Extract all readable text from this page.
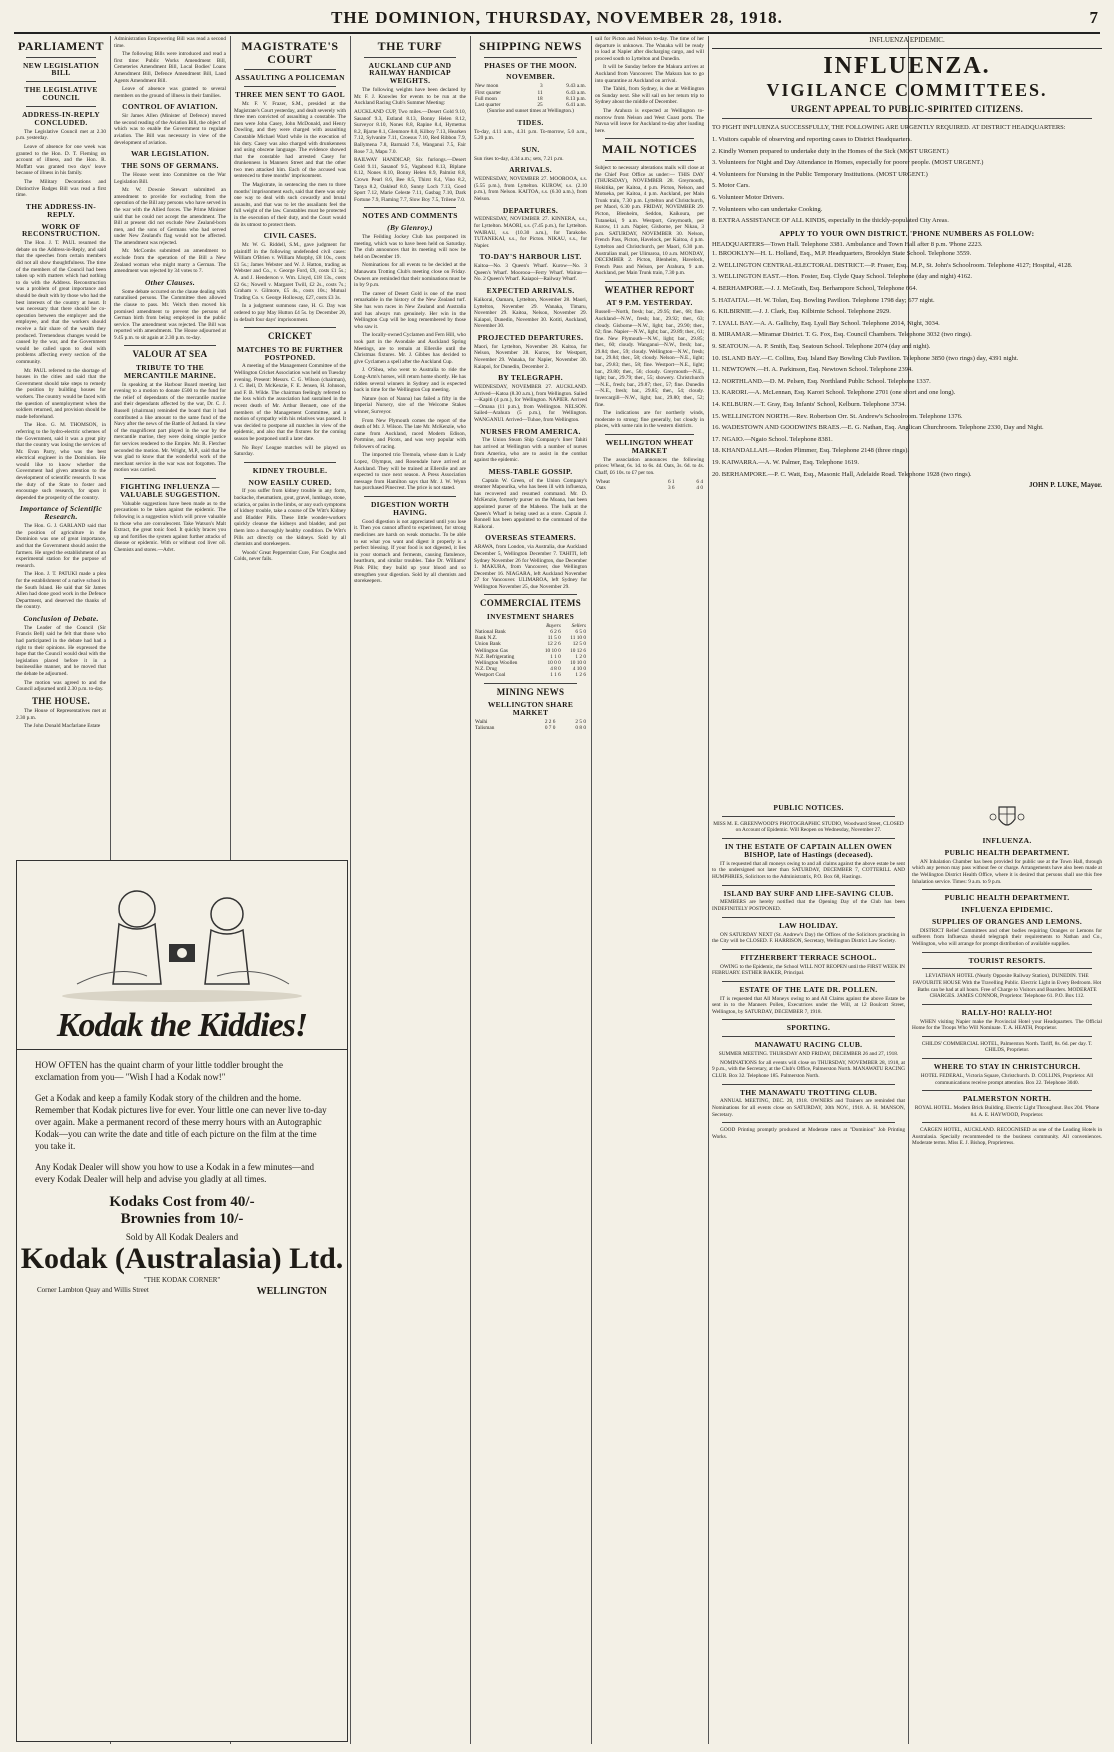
THE DOMINION, THURSDAY, NOVEMBER 28, 1918.	7
PARLIAMENT
NEW LEGISLATION BILL
THE LEGISLATIVE COUNCIL
ADDRESS-IN-REPLY CONCLUDED.

The Legislative Council met at 2.30 p.m. yesterday.

Leave of absence for one week was granted to the Hon. D. T. Fleming on account of illness, and the Hon. R. Moffatt was granted two days' leave because of illness in his family.

The Military Decorations and Distinctive Badges Bill was read a first time.

THE ADDRESS-IN-REPLY.
WORK OF RECONSTRUCTION.

The Hon. J. T. PAUL resumed the debate on the Address-in-Reply, and said that the speeches from certain members did not all show thoughtfulness. The time of the members of the Council had been taken up with matters which had nothing to do with the Address. Reconstruction was a problem of great importance and should be dealt with by those who had the best interests of the country at heart. It was necessary that there should be co-operation between the employer and the employee, and that the workers should receive a fair share of the wealth they produced. Tremendous changes would be caused by the war, and the Government would be called upon to deal with problems affecting every section of the community.

Mr. PAUL referred to the shortage of houses in the cities and said that the Government should take steps to remedy the position by building houses for workers. The country would be faced with the question of unemployment when the soldiers returned, and provision should be made beforehand.

The Hon. G. M. THOMSON, in referring to the hydro-electric schemes of the Government, said it was a great pity that the country was losing the services of Mr. Evan Parry, who was the best electrical engineer in the Dominion. He would like to know whether the Government had given attention to the development of scientific research. It was the duty of the State to foster and encourage such research, for upon it depended the prosperity of the country.

Importance of Scientific Research.

The Hon. G. J. GARLAND said that the position of agriculture in the Dominion was one of great importance, and that the Government should assist the farmers. He urged the establishment of an experimental station for the purpose of research.

The Hon. J. T. PATUKI made a plea for the establishment of a native school in the South Island. He said that Sir James Allen had done good work in the Defence Department, and deserved the thanks of the country.

Conclusion of Debate.

The Leader of the Council (Sir Francis Bell) said he felt that those who had participated in the debate had had a right to their opinions. He expressed the hope that the Council would deal with the legislation placed before it in a businesslike manner, and he moved that the debate be adjourned.

The motion was agreed to and the Council adjourned until 2.30 p.m. to-day.

THE HOUSE.

The House of Representatives met at 2.30 p.m.

The John Donald Macfarlane Estate

Administration Empowering Bill was read a second time.

The following Bills were introduced and read a first time: Public Works Amendment Bill, Cemeteries Amendment Bill, Local Bodies' Loans Amendment Bill, Defence Amendment Bill, Land Agents Amendment Bill.

Leave of absence was granted to several members on the ground of illness in their families.

CONTROL OF AVIATION.

Sir James Allen (Minister of Defence) moved the second reading of the Aviation Bill, the object of which was to enable the Government to regulate aviation. The Bill was necessary in view of the development of aviation.

WAR LEGISLATION.
THE SONS OF GERMANS.

The House went into Committee on the War Legislation Bill.

Mr. W. Downie Stewart submitted an amendment to provide for excluding from the operation of the Bill any persons who have served in the war with the Allied forces. The Prime Minister said that he could not accept the amendment. The Bill at present did not exclude New Zealand-born men, and the sons of Germans who had served under New Zealand's flag would not be affected. The amendment was rejected.

Mr. McCombs submitted an amendment to exclude from the operation of the Bill a New Zealand woman who might marry a German. The amendment was rejected by 34 votes to 7.

Other Clauses.

Some debate occurred on the clause dealing with naturalised persons. The Committee then allowed the clause to pass. Mr. Veitch then moved his promised amendment to prevent the persons of German birth from being employed in the public service. The amendment was rejected. The Bill was reported with amendments. The House adjourned at 9.45 p.m. to sit again at 2.30 p.m. to-day.

VALOUR AT SEA
TRIBUTE TO THE MERCANTILE MARINE.

In speaking at the Harbour Board meeting last evening to a motion to donate £500 to the fund for the relief of dependants of the mercantile marine and their dependants affected by the war, Dr. C. J. Russell (chairman) reminded the board that it had contributed a like amount to the same fund of the Navy after the news of the Battle of Jutland. In view of the magnificent part played in the war by the mercantile marine, they were doing simple justice for services rendered to the Empire. Mr. R. Fletcher seconded the motion. Mr. Wright, M.P., said that he was glad to know that the wonderful work of the merchant service in the war was not forgotten. The motion was carried.

FIGHTING INFLUENZA — VALUABLE SUGGESTION.

Valuable suggestions have been made as to the precautions to be taken against the epidemic. The following is a suggestion which will prove valuable to those who are convalescent. Take Watson's Malt Extract, the great tonic food. It quickly braces you up and fortifies the system against further attacks of disease or epidemic. With or without cod liver oil. Chemists and stores.—Advt.

Kodak the Kiddies!

HOW OFTEN has the quaint charm of your little toddler brought the exclamation from you— "Wish I had a Kodak now!"

Get a Kodak and keep a family Kodak story of the children and the home. Remember that Kodak pictures live for ever. Your little one can never live to-day over again. Make a permanent record of these merry hours with an Autographic Kodak—you can write the date and title of each picture on the film at the time you take it.

Any Kodak Dealer will show you how to use a Kodak in a few minutes—and every Kodak Dealer will help and advise you gladly at all times.

Kodaks Cost from 40/-
Brownies from 10/-
Sold by All Kodak Dealers and
Kodak (Australasia) Ltd.
"THE KODAK CORNER"
Corner Lambton Quay and Willis Street	WELLINGTON
MAGISTRATE'S COURT
ASSAULTING A POLICEMAN
THREE MEN SENT TO GAOL

Mr. F. V. Frazer, S.M., presided at the Magistrate's Court yesterday, and dealt severely with three men convicted of assaulting a constable. The men were John Casey, John McDonald, and Henry Dowling, and they were charged with assaulting Constable Michael Ward while in the execution of his duty. Casey was also charged with drunkenness and using obscene language. The evidence showed that the constable had arrested Casey for drunkenness in Manners Street and that the other two men attacked him. Each of the accused was sentenced to three months' imprisonment.

The Magistrate, in sentencing the men to three months' imprisonment each, said that there was only one way to deal with such cowardly and brutal assaults, and that was to let the assailants feel the full weight of the law. Constables must be protected in the execution of their duty, and the Court would do its utmost to protect them.

CIVIL CASES.

Mr. W. G. Riddell, S.M., gave judgment for plaintiff in the following undefended civil cases: William O'Brien v. William Murphy, £8 10s., costs £1 5s.; James Webster and W. J. Hatton, trading as Webster and Co., v. George Ford, £9, costs £1 5s.; A. and J. Henderson v. Wm. Lloyd, £18 13s., costs £2 6s.; Nowell v. Margaret Twill, £2 2s., costs 7s.; Graham v. Gilmore, £5 4s., costs 10s.; Mutual Trading Co. v. George Holloway, £27, costs £3 3s.

In a judgment summons case, H. G. Day was ordered to pay May Hutton £4 5s. by December 20, in default four days' imprisonment.

CRICKET
MATCHES TO BE FURTHER POSTPONED.

A meeting of the Management Committee of the Wellington Cricket Association was held on Tuesday evening. Present: Messrs. C. G. Wilson (chairman), J. C. Bell, D. McKenzie, F. E. Jensen, H. Johnson, and F. B. Wilde. The chairman feelingly referred to the loss which the association had sustained in the recent death of Mr. Arthur Bennett, one of the members of the Management Committee, and a motion of sympathy with his relatives was passed. It was decided to postpone all matches in view of the epidemic, and also that the fixtures for the coming season be postponed until a later date.

No Boys' League matches will be played on Saturday.

KIDNEY TROUBLE.
NOW EASILY CURED.

If you suffer from kidney trouble in any form, backache, rheumatism, gout, gravel, lumbago, stone, sciatica, or pains in the limbs, or any such symptoms of kidney trouble, take a course of De Witt's Kidney and Bladder Pills. These little wonder-workers quickly cleanse the kidneys and bladder, and put them into a thoroughly healthy condition. De Witt's Pills act directly on the kidneys. Sold by all chemists and storekeepers.

Woods' Great Peppermint Cure, For Coughs and Colds, never fails.

THE TURF
AUCKLAND CUP AND RAILWAY HANDICAP WEIGHTS.

The following weights have been declared by Mr. F. J. Knowles for events to be run at the Auckland Racing Club's Summer Meeting:

AUCKLAND CUP, Two miles.—Desert Gold 9.10, Sasanof 9.3, Estland 8.13, Bonny Helen 8.12, Surveyor 8.10, Nones 8.8, Rapine 8.4, Hymettus 8.2, Bjarne 8.1, Glenmore 8.0, Kilboy 7.13, Hearken 7.12, Sylvanite 7.11, Croesus 7.10, Red Ribbon 7.9, Ballymena 7.8, Barmaid 7.6, Wanganui 7.5, Fair Rose 7.3, Mapu 7.0.

RAILWAY HANDICAP, Six furlongs.—Desert Gold 9.11, Sasanof 9.5, Vagabond 8.13, Biplane 8.12, Nones 8.10, Bonny Helen 8.9, Palmist 8.8, Crown Pearl 8.6, Bee 8.5, Thirst 8.4, Vino 8.2, Tanya 8.2, Oakleaf 8.0, Sunny Loch 7.13, Good Sport 7.12, Marie Celeste 7.11, Gasbag 7.10, Dark Fortune 7.9, Flaming 7.7, Slow Boy 7.5, Trilene 7.0.

NOTES AND COMMENTS
(By Glenroy.)

The Feilding Jockey Club has postponed its meeting, which was to have been held on Saturday. The club announces that its meeting will now be held on December 19.

Nominations for all events to be decided at the Manawatu Trotting Club's meeting close on Friday. Owners are reminded that their nominations must be in by 9 p.m.

The career of Desert Gold is one of the most remarkable in the history of the New Zealand turf. She has won races in New Zealand and Australia and has always run genuinely. Her win in the Wellington Cup will be long remembered by those who saw it.

The locally-owned Cyclamen and Fern Hill, who took part in the Avondale and Auckland Spring Meetings, are to remain at Ellerslie until the Christmas fixtures. Mr. J. Gibbes has decided to give Cyclamen a spell after the Auckland Cup.

J. O'Shea, who went to Australia to ride the Long-Arm's horses, will return home shortly. He has ridden several winners in Sydney and is expected back in time for the Wellington Cup meeting.

Nature (son of Nanna) has failed a fifty in the Imperial Nursery, sire of the Welcome Stakes winner, Surveyor.

From New Plymouth comes the report of the death of Mr. J. Wilson. The late Mr. McKenzie, who came from Auckland, raced Modern Edison, Portmine, and Picots, and was very popular with followers of racing.

The imported trio Tremola, whose dam is Lady Lopez, Olympus, and Rosendale have arrived at Auckland. They will be trained at Ellerslie and are expected to race next season. A Press Association message from Hamilton says that Mr. J. W. Wynn has purchased Pinecrest. The price is not stated.

DIGESTION WORTH HAVING.

Good digestion is not appreciated until you lose it. Then you cannot afford to experiment, for strong medicines are harsh on weak stomachs. To be able to eat what you want and digest it properly is a perfect blessing. If your food is not digested, it lies in your stomach and ferments, causing flatulence, heartburn, and similar troubles. Take Dr. Williams' Pink Pills; they build up your blood and so strengthen your digestion. Sold by all chemists and storekeepers.

SHIPPING NEWS
PHASES OF THE MOON.
NOVEMBER.
New moon	3	9.43 a.m.
First quarter	11	6.43 a.m.
Full moon	18	8.13 p.m.
Last quarter	25	6.41 a.m.

(Sunrise and sunset times at Wellington.)

TIDES.

To-day, 4.11 a.m., 4.31 p.m. To-morrow, 5.0 a.m., 5.20 p.m.

SUN.

Sun rises to-day, 4.34 a.m.; sets, 7.21 p.m.

ARRIVALS.

WEDNESDAY, NOVEMBER 27. MOOROOA, s.s. (5.55 p.m.), from Lyttelton. KUROW, s.s. (2.10 p.m.), from Nelson. KAITOA, s.s. (6.30 a.m.), from Nelson.

DEPARTURES.

WEDNESDAY, NOVEMBER 27. KINNERA, s.s., for Lyttelton. MAORI, s.s. (7.45 p.m.), for Lyttelton. WAIRAU, s.s. (10.30 a.m.), for Tarakohe. TUTANEKAI, s.s., for Picton. NIKAU, s.s., for Napier.

TO-DAY'S HARBOUR LIST.

Kaitoa—No. 3 Queen's Wharf. Kurow—No. 3 Queen's Wharf. Moorooa—Ferry Wharf. Wairau—No. 2 Queen's Wharf. Kaiapoi—Railway Wharf.

EXPECTED ARRIVALS.

Kaikorai, Oamaru, Lyttelton, November 28. Maori, Lyttelton, November 29. Wanaka, Timaru, November 29. Kaitoa, Nelson, November 29. Kaiapoi, Dunedin, November 30. Kotiti, Auckland, November 30.

PROJECTED DEPARTURES.

Maori, for Lyttelton, November 28. Kaitoa, for Nelson, November 28. Kurow, for Westport, November 29. Wanaka, for Napier, November 30. Kaiapoi, for Dunedin, December 2.

BY TELEGRAPH.

WEDNESDAY, NOVEMBER 27. AUCKLAND. Arrived—Katoa (8.30 a.m.), from Wellington. Sailed—Kapiti (4 p.m.), for Wellington. NAPIER. Arrived—Omana (11 p.m.), from Wellington. NELSON. Sailed—Arahura (5 p.m.), for Wellington. WANGANUI. Arrived—Tuhoe, from Wellington.

NURSES FROM AMERICA.

The Union Steam Ship Company's liner Tahiti has arrived at Wellington with a number of nurses from America, who are to assist in the combat against the epidemic.

MESS-TABLE GOSSIP.

Captain W. Green, of the Union Company's steamer Mapourika, who has been ill with influenza, has recovered and resumed command. Mr. D. McKenzie, formerly purser on the Moana, has been appointed purser of the Maheno. The hulk at the Queen's Wharf is being used as a store. Captain J. Bonnell has been appointed to the command of the Kaikorai.

OVERSEAS STEAMERS.

ARAWA, from London, via Australia, due Auckland December 5, Wellington December 7. TAHITI, left Sydney November 26 for Wellington, due December 1. MAKURA, from Vancouver, due Wellington December 16. NIAGARA, left Auckland November 27 for Vancouver. ULIMAROA, left Sydney for Wellington November 25, due November 29.

COMMERCIAL ITEMS
INVESTMENT SHARES
	Buyers	Sellers
National Bank	6 2 6	6 5 0
Bank N.Z.	11 5 0	11 10 0
Union Bank	12 2 6	12 5 0
Wellington Gas	10 10 0	10 12 6
N.Z. Refrigerating	1 1 0	1 2 0
Wellington Woollen	10 0 0	10 10 0
N.Z. Drug	4 8 0	4 10 0
Westport Coal	1 1 6	1 2 6
MINING NEWS
WELLINGTON SHARE MARKET
Waihi	2 2 6	2 5 0
Talisman	0 7 0	0 8 0

sail for Picton and Nelson to-day. The time of her departure is unknown. The Wanaka will be ready to load at Napier after discharging cargo, and will proceed south to Lyttelton and Dunedin.

It will be Sunday before the Makura arrives at Auckland from Vancouver. The Makura has to go into quarantine at Auckland on arrival.

The Tahiti, from Sydney, is due at Wellington on Sunday next. She will sail on her return trip to Sydney about the middle of December.

The Arahura is expected at Wellington to-morrow from Nelson and West Coast ports. The Navua will leave for Auckland to-day after loading here.

MAIL NOTICES

Subject to necessary alterations mails will close at the Chief Post Office as under:— THIS DAY (THURSDAY), NOVEMBER 28. Greymouth, Hokitika, per Kaitoa, 4 p.m. Picton, Nelson, and Motueka, per Kaitoa, 4 p.m. Auckland, per Main Trunk train, 7.30 p.m. Lyttelton and Christchurch, per Maori, 6.30 p.m. FRIDAY, NOVEMBER 29. Picton, Blenheim, Seddon, Kaikoura, per Tutanekai, 9 a.m. Westport, Greymouth, per Kurow, 11 a.m. Napier, Gisborne, per Nikau, 3 p.m. SATURDAY, NOVEMBER 30. Nelson, French Pass, Picton, Havelock, per Kaitoa, 4 p.m. Lyttelton and Christchurch, per Maori, 6.30 p.m. Australian mail, per Ulimaroa, 10 a.m. MONDAY, DECEMBER 2. Picton, Blenheim, Havelock, French Pass and Nelson, per Arahura, 9 a.m. Auckland, per Main Trunk train, 7.30 p.m.

WEATHER REPORT
AT 9 P.M. YESTERDAY.

Russell—North, fresh; bar., 29.95; ther., 68; fine. Auckland—N.W., fresh; bar., 29.92; ther., 63; cloudy. Gisborne—N.W., light; bar., 29.90; ther., 62; fine. Napier—N.W., light; bar., 29.89; ther., 61; fine. New Plymouth—N.W., light; bar., 29.85; ther., 60; cloudy. Wanganui—N.W., fresh; bar., 29.84; ther., 59; cloudy. Wellington—N.W., fresh; bar., 29.84; ther., 58; cloudy. Nelson—N.E., light; bar., 29.83; ther., 58; fine. Westport—N.E., light; bar., 29.80; ther., 56; cloudy. Greymouth—N.E., light; bar., 29.79; ther., 55; showery. Christchurch—N.E., fresh; bar., 29.87; ther., 57; fine. Dunedin—N.E., fresh; bar., 29.85; ther., 54; cloudy. Invercargill—N.W., light; bar., 29.80; ther., 52; fine.

The indications are for northerly winds, moderate to strong; fine generally, but cloudy in places, with some rain in the western districts.

WELLINGTON WHEAT MARKET

The association announces the following prices: Wheat, 6s. 1d. to 6s. 4d. Oats, 3s. 6d. to 4s. Chaff, £6 10s. to £7 per ton.

Wheat	6 1	6 4
Oats	3 6	4 0
INFLUENZA EPIDEMIC.
INFLUENZA.
VIGILANCE COMMITTEES.
URGENT APPEAL TO PUBLIC-SPIRITED CITIZENS.

TO FIGHT INFLUENZA SUCCESSFULLY, THE FOLLOWING ARE URGENTLY REQUIRED. AT DISTRICT HEADQUARTERS:

1. Visitors capable of observing and reporting cases to District Headquarters.
2. Kindly Women prepared to undertake duty in the Homes of the Sick (MOST URGENT.)
3. Volunteers for Night and Day Attendance in Homes, especially for poorer people. (MOST URGENT.)
4. Volunteers for Nursing in the Public Temporary Institutions. (MOST URGENT.)
5. Motor Cars.
6. Volunteer Motor Drivers.
7. Volunteers who can undertake Cooking.
8. EXTRA ASSISTANCE OF ALL KINDS, especially in the thickly-populated City Areas.
APPLY TO YOUR OWN DISTRICT. 'PHONE NUMBERS AS FOLLOW:
HEADQUARTERS—Town Hall. Telephone 3381. Ambulance and Town Hall after 8 p.m. 'Phone 2223.
1. BROOKLYN—H. L. Holland, Esq., M.P. Headquarters, Brooklyn State School. Telephone 3559.
2. WELLINGTON CENTRAL-ELECTORAL DISTRICT.—P. Fraser, Esq., M.P., St. John's Schoolroom. Telephone 4127; Hospital, 4128.
3. WELLINGTON EAST.—Hon. Foster, Esq. Clyde Quay School. Telephone (day and night) 4162.
4. BERHAMPORE.—J. J. McGrath, Esq. Berhampore School, Telephone 664.
5. HATAITAI.—H. W. Tolan, Esq. Bowling Pavilion. Telephone 1798 day; 677 night.
6. KILBIRNIE.—J. J. Clark, Esq. Kilbirnie School. Telephone 2929.
7. LYALL BAY.—A. A. Gallichy, Esq. Lyall Bay School. Telephone 2014, Night, 3034.
8. MIRAMAR.—Miramar District. T. G. Fox, Esq. Council Chambers. Telephone 3032 (two rings).
9. SEATOUN.—A. P. Smith, Esq. Seatoun School. Telephone 2074 (day and night).
10. ISLAND BAY.—C. Collins, Esq. Island Bay Bowling Club Pavilion. Telephone 3850 (two rings) day, 4391 night.
11. NEWTOWN.—H. A. Parkinson, Esq. Newtown School. Telephone 2394.
12. NORTHLAND.—D. M. Pelsen, Esq. Northland Public School. Telephone 1337.
13. KARORI.—A. McLennan, Esq. Karori School. Telephone 2701 (one short and one long).
14. KELBURN.—T. Gray, Esq. Infants' School, Kelburn. Telephone 3734.
15. WELLINGTON NORTH.—Rev. Robertson Orr. St. Andrew's Schoolroom. Telephone 1376.
16. WADESTOWN AND GOODWIN'S BRAES.—E. G. Nathan, Esq. Anglican Churchroom. Telephone 2330, Day and Night.
17. NGAIO.—Ngaio School. Telephone 8381.
18. KHANDALLAH.—Roden Plimmer, Esq. Telephone 2148 (three rings).
19. KAIWARRA.—A. W. Palmer, Esq. Telephone 1619.
20. BERHAMPORE.—P. C. Watt, Esq., Masonic Hall, Adelaide Road. Telephone 1928 (two rings).
JOHN P. LUKE, Mayor.
PUBLIC NOTICES.

MISS M. E. GREENWOOD'S PHOTOGRAPHIC STUDIO, Woodward Street, CLOSED on Account of Epidemic. Will Reopen on Wednesday, November 27.

IN THE ESTATE OF CAPTAIN ALLEN OWEN BISHOP, late of Hastings (deceased).

IT is requested that all moneys owing to and all claims against the above estate be sent to the undersigned not later than SATURDAY, DECEMBER 7, COTTERILL AND HUMPHRIES, Solicitors to the Administratrix, P.O. Box 68, Hastings.

ISLAND BAY SURF AND LIFE-SAVING CLUB.

MEMBERS are hereby notified that the Opening Day of the Club has been INDEFINITELY POSTPONED.

LAW HOLIDAY.

ON SATURDAY NEXT (St. Andrew's Day) the Offices of the Solicitors practising in the City will be CLOSED. F. HARRISON, Secretary, Wellington District Law Society.

FITZHERBERT TERRACE SCHOOL.

OWING to the Epidemic, the School WILL NOT REOPEN until the FIRST WEEK IN FEBRUARY. ESTHER BAKER, Principal.

ESTATE OF THE LATE DR. POLLEN.

IT is requested that All Moneys owing to and All Claims against the above Estate be sent in to the Manners Pollen, Executrices under the Will, at 12 Boulcott Street, Wellington, by SATURDAY, DECEMBER 7, 1918.

SPORTING.
MANAWATU RACING CLUB.

SUMMER MEETING. THURSDAY AND FRIDAY, DECEMBER 26 and 27, 1918.

NOMINATIONS for all events will close on THURSDAY, NOVEMBER 28, 1918, at 9 p.m., with the Secretary, at the Club's Office, Palmerston North. MANAWATU RACING CLUB. Box 32. Telephone 185. Palmerston North.

THE MANAWATU TROTTING CLUB.

ANNUAL MEETING, DEC. 28, 1918. OWNERS and Trainers are reminded that Nominations for all events close on SATURDAY, 30th NOV., 1918. A. H. MANSON, Secretary.

GOOD Printing promptly produced at Moderate rates at "Dominion" Job Printing Works.

INFLUENZA.
PUBLIC HEALTH DEPARTMENT.

AN Inhalation Chamber has been provided for public use at the Town Hall, through which any person may pass without fee or charge. Arrangements have also been made at the Wellington District Health Office, where it is desired that persons shall use this free Inhalation service. Times: 9 a.m. to 9 p.m.

PUBLIC HEALTH DEPARTMENT.
INFLUENZA EPIDEMIC.
SUPPLIES OF ORANGES AND LEMONS.

DISTRICT Relief Committees and other bodies requiring Oranges or Lemons for sufferers from Influenza should telegraph their requirements to Nathan and Co., Wellington, who will arrange for prompt distribution of available supplies.

TOURIST RESORTS.

LEVIATHAN HOTEL (Nearly Opposite Railway Station), DUNEDIN. THE FAVOURITE HOUSE With the Travelling Public. Electric Light in Every Bedroom. Hot Baths can be had at all hours. Free of Charge to Visitors and Boarders. MODERATE CHARGES. JAMES CONNOR, Proprietor. Telephone 61. P.O. Box 112.

RALLY-HO! RALLY-HO!

WHEN visiting Napier make the Provincial Hotel your Headquarters. The Official Home for the Troops Who Will Nominate. T. A. HEATH, Proprietor.

CHILDS' COMMERCIAL HOTEL, Palmerston North. Tariff, 8s. 6d. per day. T. CHILDS, Proprietor.

WHERE TO STAY IN CHRISTCHURCH.

HOTEL FEDERAL, Victoria Square, Christchurch. D. COLLINS, Proprietor. All communications receive prompt attention. Box 22. Telephone 3040.

PALMERSTON NORTH.

ROYAL HOTEL. Modern Brick Building. Electric Light Throughout. Box 204. 'Phone 84. A. E. HAYWOOD, Proprietor.

CARGEN HOTEL, AUCKLAND. RECOGNISED as one of the Leading Hotels in Australasia. Specially recommended to the business community. All conveniences. Moderate terms. Miss E. J. Bishop, Proprietress.
